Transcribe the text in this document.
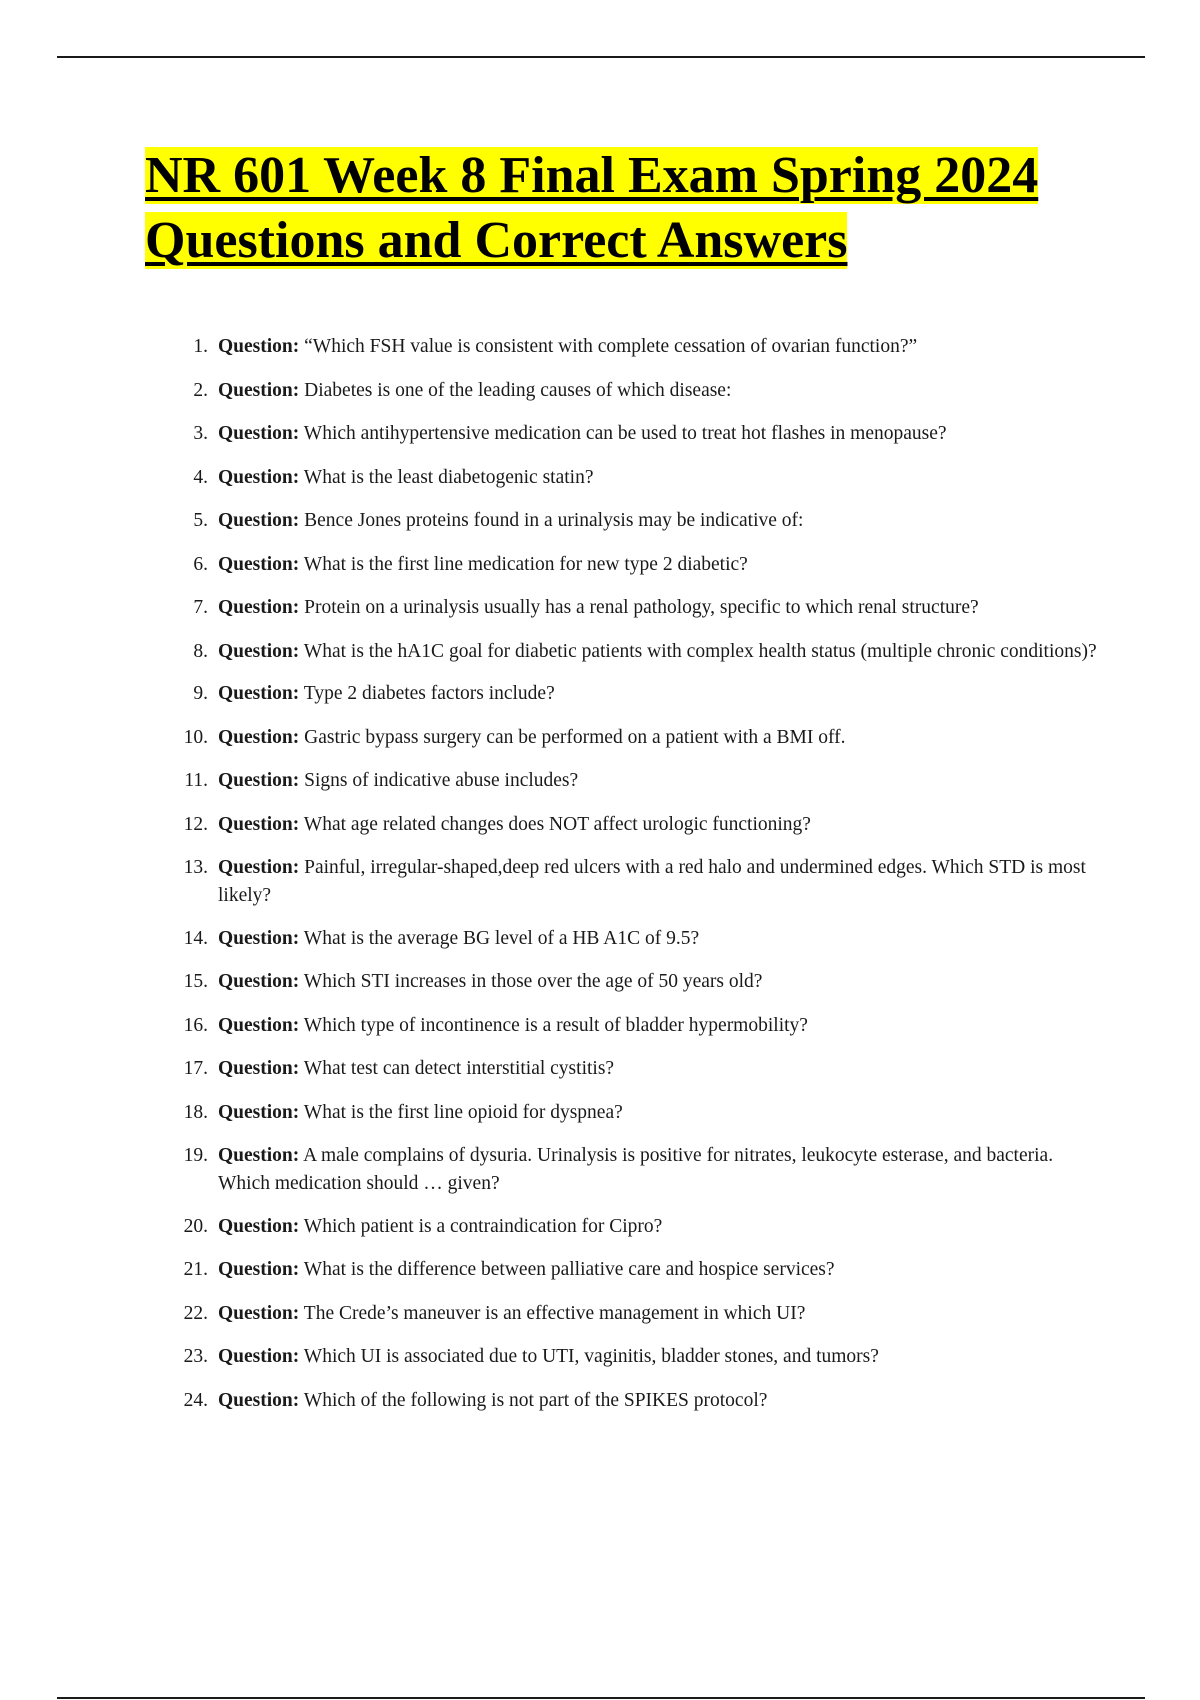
NR 601 Week 8 Final Exam Spring 2024
Questions and Correct Answers
1. Question: “Which FSH value is consistent with complete cessation of ovarian function?”
2. Question: Diabetes is one of the leading causes of which disease:
3. Question: Which antihypertensive medication can be used to treat hot flashes in menopause?
4. Question: What is the least diabetogenic statin?
5. Question: Bence Jones proteins found in a urinalysis may be indicative of:
6. Question: What is the first line medication for new type 2 diabetic?
7. Question: Protein on a urinalysis usually has a renal pathology, specific to which renal structure?
8. Question: What is the hA1C goal for diabetic patients with complex health status (multiple chronic conditions)?
9. Question: Type 2 diabetes factors include?
10. Question: Gastric bypass surgery can be performed on a patient with a BMI off.
11. Question: Signs of indicative abuse includes?
12. Question: What age related changes does NOT affect urologic functioning?
13. Question: Painful, irregular-shaped,deep red ulcers with a red halo and undermined edges. Which STD is most likely?
14. Question: What is the average BG level of a HB A1C of 9.5?
15. Question: Which STI increases in those over the age of 50 years old?
16. Question: Which type of incontinence is a result of bladder hypermobility?
17. Question: What test can detect interstitial cystitis?
18. Question: What is the first line opioid for dyspnea?
19. Question: A male complains of dysuria. Urinalysis is positive for nitrates, leukocyte esterase, and bacteria. Which medication should … given?
20. Question: Which patient is a contraindication for Cipro?
21. Question: What is the difference between palliative care and hospice services?
22. Question: The Crede’s maneuver is an effective management in which UI?
23. Question: Which UI is associated due to UTI, vaginitis, bladder stones, and tumors?
24. Question: Which of the following is not part of the SPIKES protocol?
